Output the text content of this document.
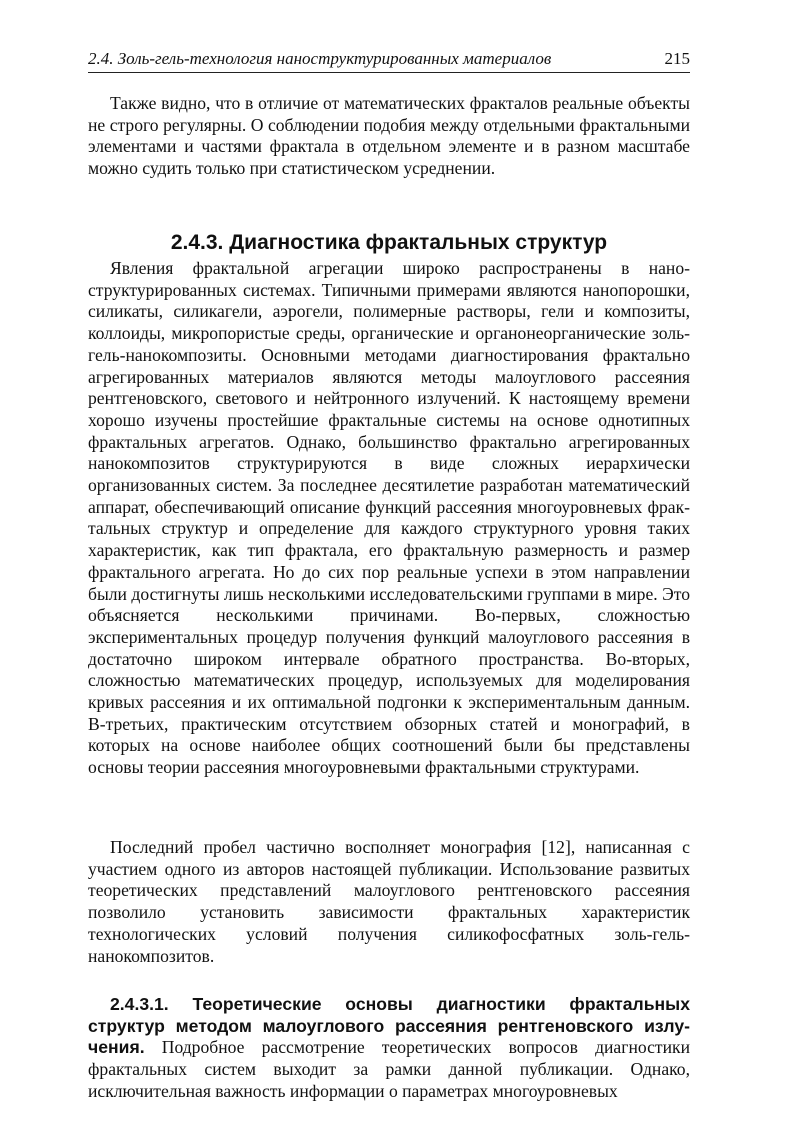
2.4. Золь-гель-технология наноструктурированных материалов	215

Также видно, что в отличие от математических фракталов реальные объекты не строго регулярны. О соблюдении подобия между отдельными фрактальными элементами и частями фрактала в отдельном элементе и в разном масштабе можно судить только при статистическом усреднении.

2.4.3. Диагностика фрактальных структур

Явления фрактальной агрегации широко распространены в наноструктурированных системах. Типичными примерами являются нанопорошки, силикаты, силикагели, аэрогели, полимерные растворы, гели и композиты, коллоиды, микропористые среды, органические и органонеорганические золь-гель-нанокомпозиты. Основными методами диагностирования фрактально агрегированных материалов являются методы малоуглового рассеяния рентгеновского, светового и нейтронного излучений. К настоящему времени хорошо изучены простейшие фрактальные системы на основе однотипных фрактальных агрегатов. Однако, большинство фрактально агрегированных нанокомпозитов структурируются в виде сложных иерархически организованных систем. За последнее десятилетие разработан математический аппарат, обеспечивающий описание функций рассеяния многоуровневых фрактальных структур и определение для каждого структурного уровня таких характеристик, как тип фрактала, его фрактальную размерность и размер фрактального агрегата. Но до сих пор реальные успехи в этом направлении были достигнуты лишь несколькими исследовательскими группами в мире. Это объясняется несколькими причинами. Во-первых, сложностью экспериментальных процедур получения функций малоуглового рассеяния в достаточно широком интервале обратного пространства. Во-вторых, сложностью математических процедур, используемых для моделирования кривых рассеяния и их оптимальной подгонки к экспериментальным данным. В-третьих, практическим отсутствием обзорных статей и монографий, в которых на основе наиболее общих соотношений были бы представлены основы теории рассеяния многоуровневыми фрактальными структурами.

Последний пробел частично восполняет монография [12], написанная с участием одного из авторов настоящей публикации. Использование развитых теоретических представлений малоуглового рентгеновского рассеяния позволило установить зависимости фрактальных характеристик технологических условий получения силикофосфатных золь-гель-нанокомпозитов.

2.4.3.1. Теоретические основы диагностики фрактальных структур методом малоуглового рассеяния рентгеновского излучения. Подробное рассмотрение теоретических вопросов диагностики фрактальных систем выходит за рамки данной публикации. Однако, исключительная важность информации о параметрах многоуровневых
